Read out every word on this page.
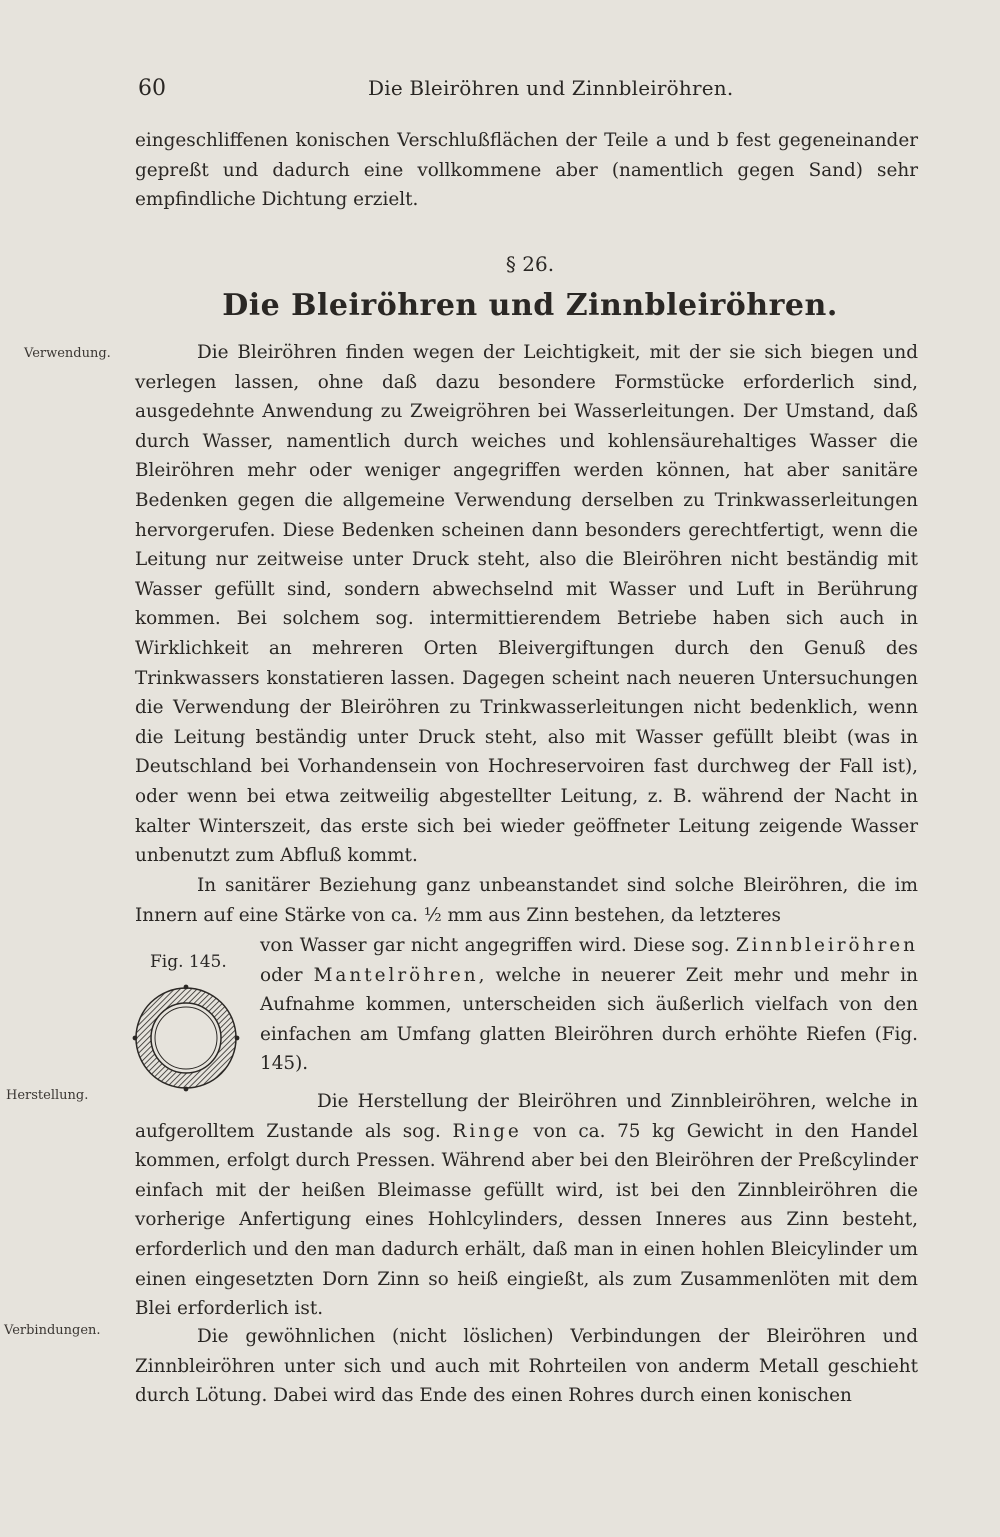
60	Die Bleiröhren und Zinnbleiröhren.

eingeschliffenen konischen Verschlußflächen der Teile a und b fest gegeneinander gepreßt und dadurch eine vollkommene aber (namentlich gegen Sand) sehr empfindliche Dichtung erzielt.

§ 26.
Die Bleiröhren und Zinnbleiröhren.
Verwendung.	Die Bleiröhren finden wegen der Leichtigkeit, mit der sie sich biegen und verlegen lassen, ohne daß dazu besondere Formstücke erforderlich sind, ausgedehnte Anwendung zu Zweigröhren bei Wasserleitungen. Der Umstand, daß durch Wasser, namentlich durch weiches und kohlensäurehaltiges Wasser die Bleiröhren mehr oder weniger angegriffen werden können, hat aber sanitäre Bedenken gegen die allgemeine Verwendung derselben zu Trinkwasserleitungen hervorgerufen. Diese Bedenken scheinen dann besonders gerechtfertigt, wenn die Leitung nur zeitweise unter Druck steht, also die Bleiröhren nicht beständig mit Wasser gefüllt sind, sondern abwechselnd mit Wasser und Luft in Berührung kommen. Bei solchem sog. intermittierendem Betriebe haben sich auch in Wirklichkeit an mehreren Orten Bleivergiftungen durch den Genuß des Trinkwassers konstatieren lassen. Dagegen scheint nach neueren Untersuchungen die Verwendung der Bleiröhren zu Trinkwasserleitungen nicht bedenklich, wenn die Leitung beständig unter Druck steht, also mit Wasser gefüllt bleibt (was in Deutschland bei Vorhandensein von Hochreservoiren fast durchweg der Fall ist), oder wenn bei etwa zeitweilig abgestellter Leitung, z. B. während der Nacht in kalter Winterszeit, das erste sich bei wieder geöffneter Leitung zeigende Wasser unbenutzt zum Abfluß kommt.

In sanitärer Beziehung ganz unbeanstandet sind solche Bleiröhren, die im Innern auf eine Stärke von ca. ½ mm aus Zinn bestehen, da letzteres

Fig. 145.

von Wasser gar nicht angegriffen wird. Diese sog. Zinnbleiröhren oder Mantelröhren, welche in neuerer Zeit mehr und mehr in Aufnahme kommen, unterscheiden sich äußerlich vielfach von den einfachen am Umfang glatten Bleiröhren durch erhöhte Riefen (Fig. 145).

Herstellung.	Die Herstellung der Bleiröhren und Zinnbleiröhren, welche in aufgerolltem Zustande als sog. Ringe von ca. 75 kg Gewicht in den Handel kommen, erfolgt durch Pressen. Während aber bei den Bleiröhren der Preßcylinder einfach mit der heißen Bleimasse gefüllt wird, ist bei den Zinnbleiröhren die vorherige Anfertigung eines Hohlcylinders, dessen Inneres aus Zinn besteht, erforderlich und den man dadurch erhält, daß man in einen hohlen Bleicylinder um einen eingesetzten Dorn Zinn so heiß eingießt, als zum Zusammenlöten mit dem Blei erforderlich ist.

Verbindungen.	Die gewöhnlichen (nicht löslichen) Verbindungen der Bleiröhren und Zinnbleiröhren unter sich und auch mit Rohrteilen von anderm Metall geschieht durch Lötung. Dabei wird das Ende des einen Rohres durch einen konischen
